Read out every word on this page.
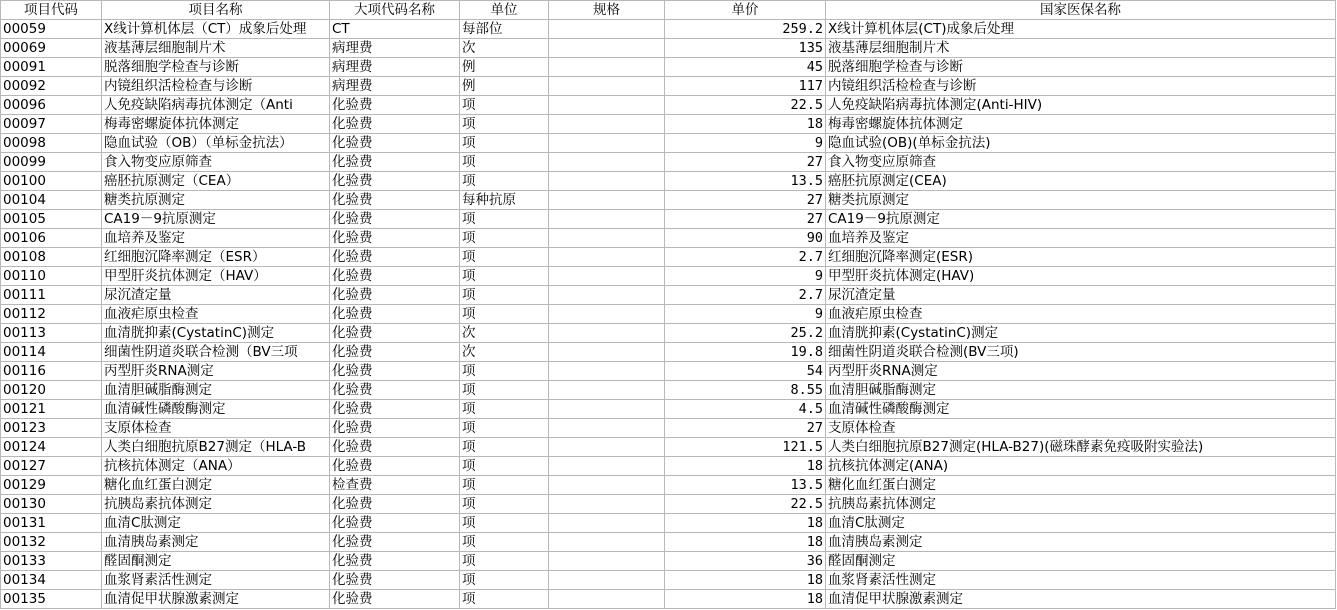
项目代码	项目名称	大项代码名称	单位	规格	单价	国家医保名称
00059	X线计算机体层（CT）成象后处理	CT	每部位		259.2	X线计算机体层(CT)成象后处理
00069	液基薄层细胞制片术	病理费	次		135	液基薄层细胞制片术
00091	脱落细胞学检查与诊断	病理费	例		45	脱落细胞学检查与诊断
00092	内镜组织活检检查与诊断	病理费	例		117	内镜组织活检检查与诊断
00096	人免疫缺陷病毒抗体测定（Anti	化验费	项		22.5	人免疫缺陷病毒抗体测定(Anti-HIV)
00097	梅毒密螺旋体抗体测定	化验费	项		18	梅毒密螺旋体抗体测定
00098	隐血试验（OB）（单标金抗法）	化验费	项		9	隐血试验(OB)(单标金抗法)
00099	食入物变应原筛查	化验费	项		27	食入物变应原筛查
00100	癌胚抗原测定（CEA）	化验费	项		13.5	癌胚抗原测定(CEA)
00104	糖类抗原测定	化验费	每种抗原		27	糖类抗原测定
00105	CA19－9抗原测定	化验费	项		27	CA19－9抗原测定
00106	血培养及鉴定	化验费	项		90	血培养及鉴定
00108	红细胞沉降率测定（ESR）	化验费	项		2.7	红细胞沉降率测定(ESR)
00110	甲型肝炎抗体测定（HAV）	化验费	项		9	甲型肝炎抗体测定(HAV)
00111	尿沉渣定量	化验费	项		2.7	尿沉渣定量
00112	血液疟原虫检查	化验费	项		9	血液疟原虫检查
00113	血清胱抑素(CystatinC)测定	化验费	次		25.2	血清胱抑素(CystatinC)测定
00114	细菌性阴道炎联合检测（BV三项	化验费	次		19.8	细菌性阴道炎联合检测(BV三项)
00116	丙型肝炎RNA测定	化验费	项		54	丙型肝炎RNA测定
00120	血清胆碱脂酶测定	化验费	项		8.55	血清胆碱脂酶测定
00121	血清碱性磷酸酶测定	化验费	项		4.5	血清碱性磷酸酶测定
00123	支原体检查	化验费	项		27	支原体检查
00124	人类白细胞抗原B27测定（HLA-B	化验费	项		121.5	人类白细胞抗原B27测定(HLA-B27)(磁珠酵素免疫吸附实验法)
00127	抗核抗体测定（ANA）	化验费	项		18	抗核抗体测定(ANA)
00129	糖化血红蛋白测定	检查费	项		13.5	糖化血红蛋白测定
00130	抗胰岛素抗体测定	化验费	项		22.5	抗胰岛素抗体测定
00131	血清C肽测定	化验费	项		18	血清C肽测定
00132	血清胰岛素测定	化验费	项		18	血清胰岛素测定
00133	醛固酮测定	化验费	项		36	醛固酮测定
00134	血浆肾素活性测定	化验费	项		18	血浆肾素活性测定
00135	血清促甲状腺激素测定	化验费	项		18	血清促甲状腺激素测定
